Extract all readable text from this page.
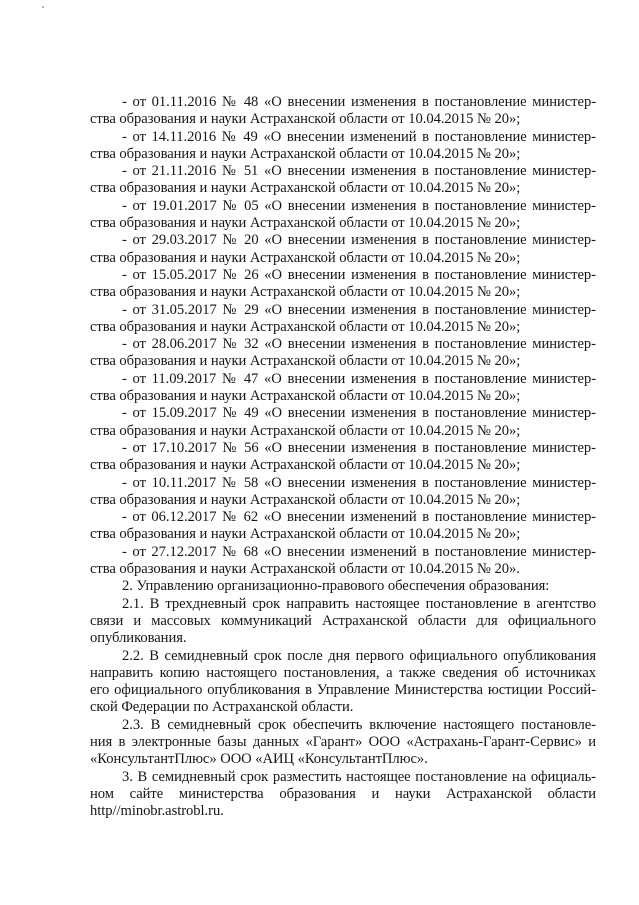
- от 01.11.2016 № 48 «О внесении изменения в постановление министер-
ства образования и науки Астраханской области от 10.04.2015 № 20»;
- от 14.11.2016 № 49 «О внесении изменений в постановление министер-
ства образования и науки Астраханской области от 10.04.2015 № 20»;
- от 21.11.2016 № 51 «О внесении изменения в постановление министер-
ства образования и науки Астраханской области от 10.04.2015 № 20»;
- от 19.01.2017 № 05 «О внесении изменения в постановление министер-
ства образования и науки Астраханской области от 10.04.2015 № 20»;
- от 29.03.2017 № 20 «О внесении изменения в постановление министер-
ства образования и науки Астраханской области от 10.04.2015 № 20»;
- от 15.05.2017 № 26 «О внесении изменения в постановление министер-
ства образования и науки Астраханской области от 10.04.2015 № 20»;
- от 31.05.2017 № 29 «О внесении изменения в постановление министер-
ства образования и науки Астраханской области от 10.04.2015 № 20»;
- от 28.06.2017 № 32 «О внесении изменения в постановление министер-
ства образования и науки Астраханской области от 10.04.2015 № 20»;
- от 11.09.2017 № 47 «О внесении изменения в постановление министер-
ства образования и науки Астраханской области от 10.04.2015 № 20»;
- от 15.09.2017 № 49 «О внесении изменения в постановление министер-
ства образования и науки Астраханской области от 10.04.2015 № 20»;
- от 17.10.2017 № 56 «О внесении изменения в постановление министер-
ства образования и науки Астраханской области от 10.04.2015 № 20»;
- от 10.11.2017 № 58 «О внесении изменения в постановление министер-
ства образования и науки Астраханской области от 10.04.2015 № 20»;
- от 06.12.2017 № 62 «О внесении изменений в постановление министер-
ства образования и науки Астраханской области от 10.04.2015 № 20»;
- от 27.12.2017 № 68 «О внесении изменений в постановление министер-
ства образования и науки Астраханской области от 10.04.2015 № 20».
2. Управлению организационно-правового обеспечения образования:
2.1. В трехдневный срок направить настоящее постановление в агентство
связи и массовых коммуникаций Астраханской области для официального
опубликования.
2.2. В семидневный срок после дня первого официального опубликования
направить копию настоящего постановления, а также сведения об источниках
его официального опубликования в Управление Министерства юстиции Россий-
ской Федерации по Астраханской области.
2.3. В семидневный срок обеспечить включение настоящего постановле-
ния в электронные базы данных «Гарант» ООО «Астрахань-Гарант-Сервис» и
«КонсультантПлюс» ООО «АИЦ «КонсультантПлюс».
3. В семидневный срок разместить настоящее постановление на официаль-
ном сайте министерства образования и науки Астраханской области
http//minobr.astrobl.ru.
